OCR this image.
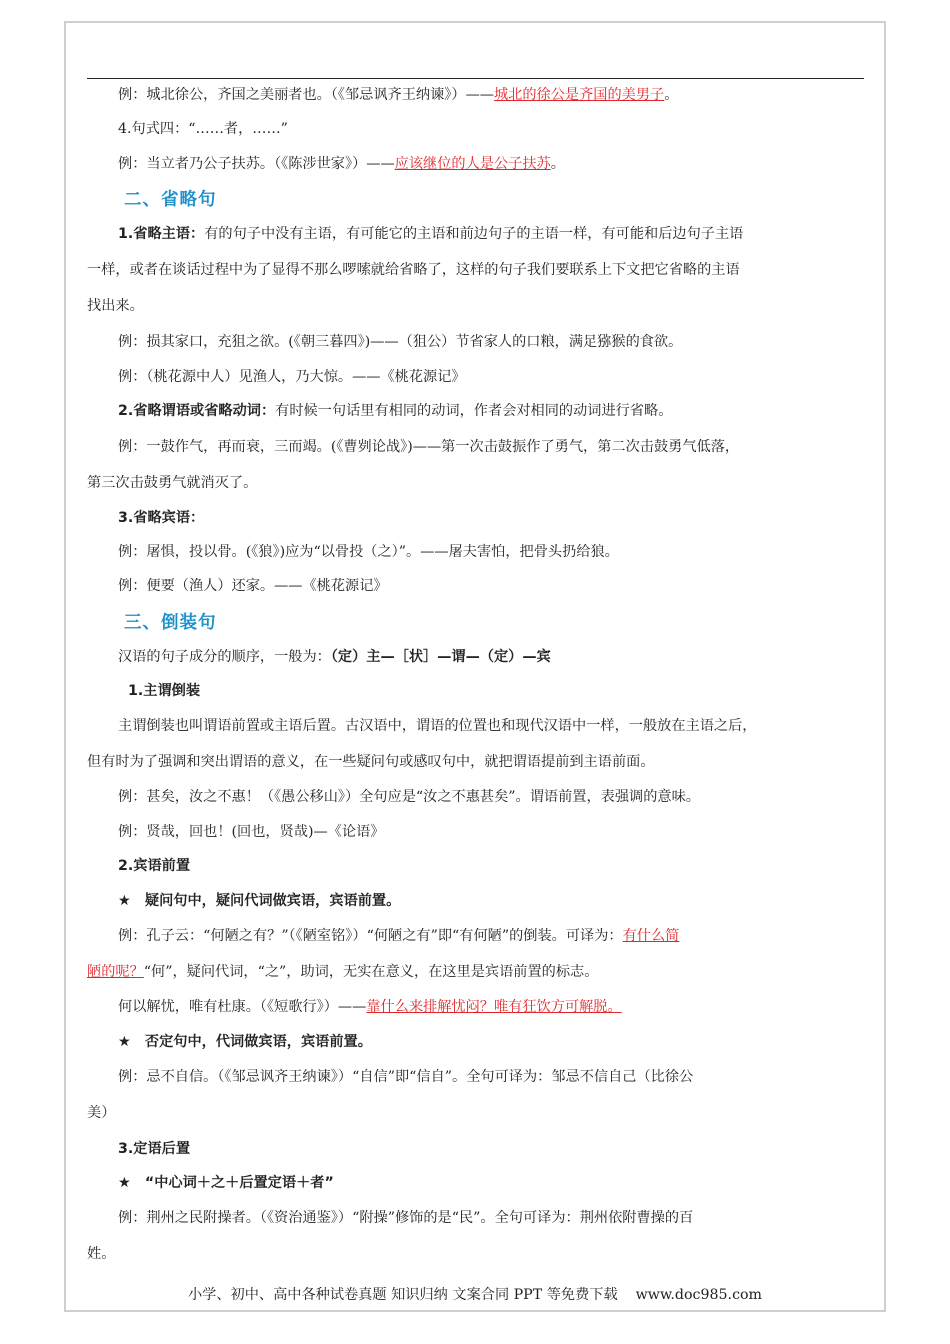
例：城北徐公，齐国之美丽者也。（《邹忌讽齐王纳谏》）——城北的徐公是齐国的美男子。
4.句式四：“……者，……”
例：当立者乃公子扶苏。（《陈涉世家》）——应该继位的人是公子扶苏。
二、省略句
1.省略主语：有的句子中没有主语，有可能它的主语和前边句子的主语一样，有可能和后边句子主语
一样，或者在谈话过程中为了显得不那么啰嗦就给省略了，这样的句子我们要联系上下文把它省略的主语
找出来。
例：损其家口，充狙之欲。(《朝三暮四》)——（狙公）节省家人的口粮，满足猕猴的食欲。
例：（桃花源中人）见渔人，乃大惊。——《桃花源记》
2.省略谓语或省略动词：有时候一句话里有相同的动词，作者会对相同的动词进行省略。
例：一鼓作气，再而衰，三而竭。(《曹刿论战》)——第一次击鼓振作了勇气，第二次击鼓勇气低落，
第三次击鼓勇气就消灭了。
3.省略宾语：
例：屠惧，投以骨。(《狼》)应为“以骨投（之）”。——屠夫害怕，把骨头扔给狼。
例：便要（渔人）还家。——《桃花源记》
三、倒装句
汉语的句子成分的顺序，一般为：（定）主—［状］—谓—（定）—宾
1.主谓倒装
主谓倒装也叫谓语前置或主语后置。古汉语中，谓语的位置也和现代汉语中一样，一般放在主语之后，
但有时为了强调和突出谓语的意义，在一些疑问句或感叹句中，就把谓语提前到主语前面。
例：甚矣，汝之不惠！（《愚公移山》）全句应是“汝之不惠甚矣”。谓语前置，表强调的意味。
例：贤哉，回也！(回也，贤哉)—《论语》
2.宾语前置
★　疑问句中，疑问代词做宾语，宾语前置。
例：孔子云：“何陋之有？”（《陋室铭》）“何陋之有”即“有何陋”的倒装。可译为：有什么简
陋的呢？“何”，疑问代词，“之”，助词，无实在意义，在这里是宾语前置的标志。
何以解忧，唯有杜康。（《短歌行》）——靠什么来排解忧闷？唯有狂饮方可解脱。
★　否定句中，代词做宾语，宾语前置。
例：忌不自信。（《邹忌讽齐王纳谏》）“自信”即“信自”。全句可译为：邹忌不信自己（比徐公
美）
3.定语后置
★　“中心词＋之＋后置定语＋者”
例：荆州之民附操者。（《资治通鉴》）“附操”修饰的是“民”。全句可译为：荆州依附曹操的百
姓。
小学、初中、高中各种试卷真题 知识归纳 文案合同 PPT 等免费下载 www.doc985.com
